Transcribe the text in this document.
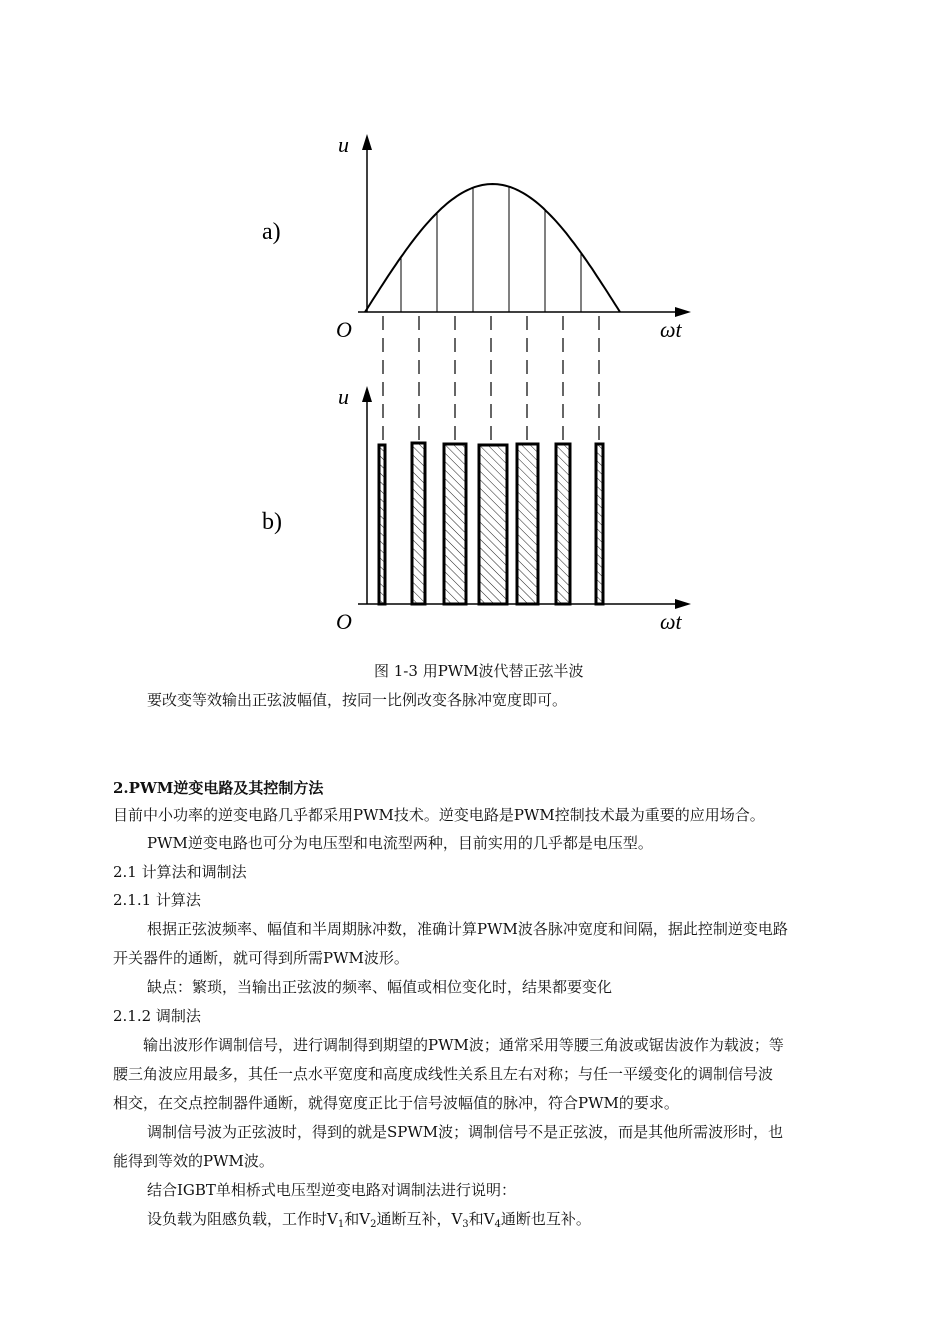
a)
u
O	ωt
b)
u
O	ωt
图 1-3 用PWM波代替正弦半波
要改变等效输出正弦波幅值，按同一比例改变各脉冲宽度即可。
2.PWM逆变电路及其控制方法
目前中小功率的逆变电路几乎都采用PWM技术。逆变电路是PWM控制技术最为重要的应用场合。
PWM逆变电路也可分为电压型和电流型两种，目前实用的几乎都是电压型。
2.1 计算法和调制法
2.1.1 计算法
根据正弦波频率、幅值和半周期脉冲数，准确计算PWM波各脉冲宽度和间隔，据此控制逆变电路
开关器件的通断，就可得到所需PWM波形。
缺点：繁琐，当输出正弦波的频率、幅值或相位变化时，结果都要变化
2.1.2 调制法
输出波形作调制信号，进行调制得到期望的PWM波；通常采用等腰三角波或锯齿波作为载波；等
腰三角波应用最多，其任一点水平宽度和高度成线性关系且左右对称；与任一平缓变化的调制信号波
相交，在交点控制器件通断，就得宽度正比于信号波幅值的脉冲，符合PWM的要求。
调制信号波为正弦波时，得到的就是SPWM波；调制信号不是正弦波，而是其他所需波形时，也
能得到等效的PWM波。
结合IGBT单相桥式电压型逆变电路对调制法进行说明：
设负载为阻感负载，工作时$V_1$和$V_2$通断互补，$V_3$和$V_4$通断也互补。
